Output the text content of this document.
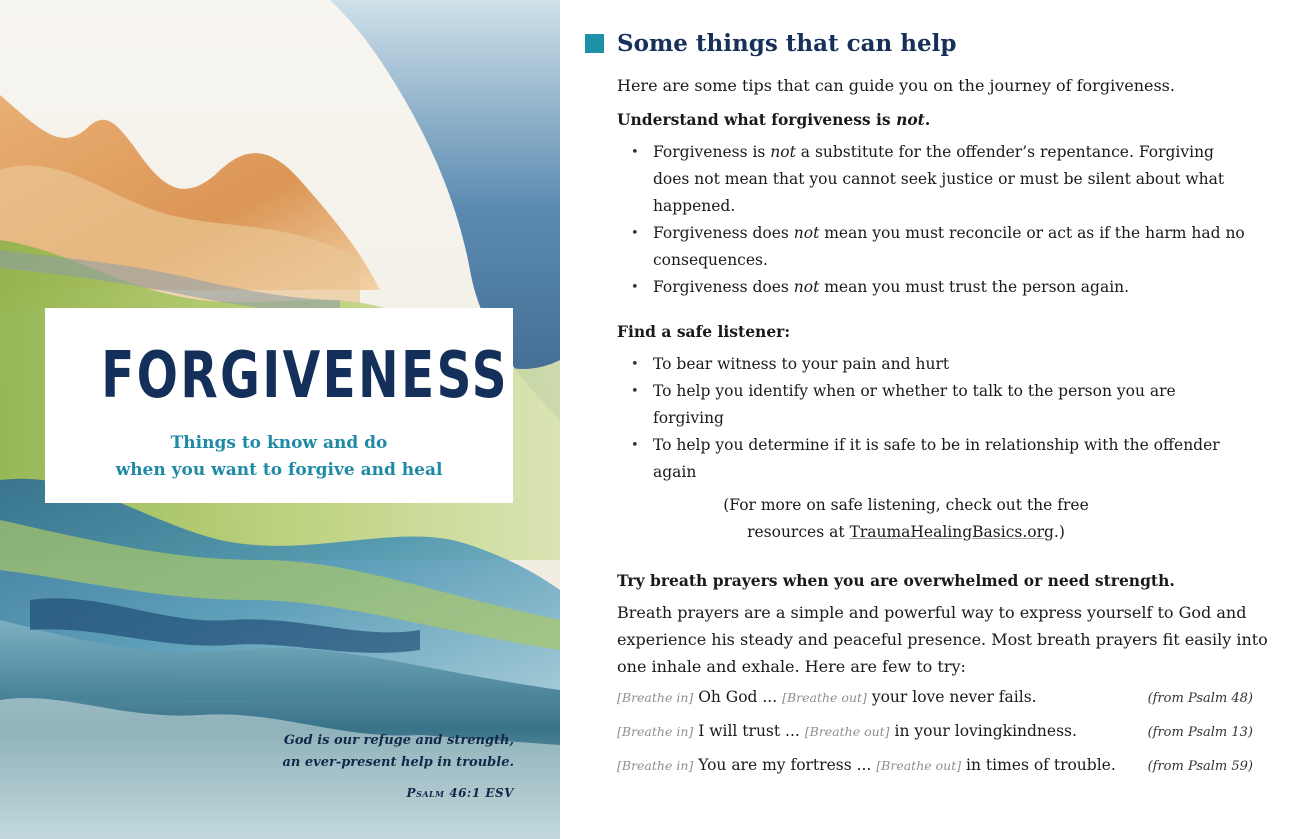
FORGIVENESS
Things to know and do
when you want to forgive and heal
God is our refuge and strength,
an ever-present help in trouble.
Psalm 46:1 ESV
Some things that can help
Here are some tips that can guide you on the journey of forgiveness.
Understand what forgiveness is not.
• Forgiveness is not a substitute for the offender’s repentance. Forgiving does not mean that you cannot seek justice or must be silent about what happened.
• Forgiveness does not mean you must reconcile or act as if the harm had no consequences.
• Forgiveness does not mean you must trust the person again.
Find a safe listener:
• To bear witness to your pain and hurt
• To help you identify when or whether to talk to the person you are forgiving
• To help you determine if it is safe to be in relationship with the offender again
(For more on safe listening, check out the free
resources at TraumaHealingBasics.org.)
Try breath prayers when you are overwhelmed or need strength.
Breath prayers are a simple and powerful way to express yourself to God and experience his steady and peaceful presence. Most breath prayers fit easily into one inhale and exhale. Here are few to try:
[Breathe in] Oh God ... [Breathe out] your love never fails.	(from Psalm 48)
[Breathe in] I will trust ... [Breathe out] in your lovingkindness.	(from Psalm 13)
[Breathe in] You are my fortress ... [Breathe out] in times of trouble. (from Psalm 59)
